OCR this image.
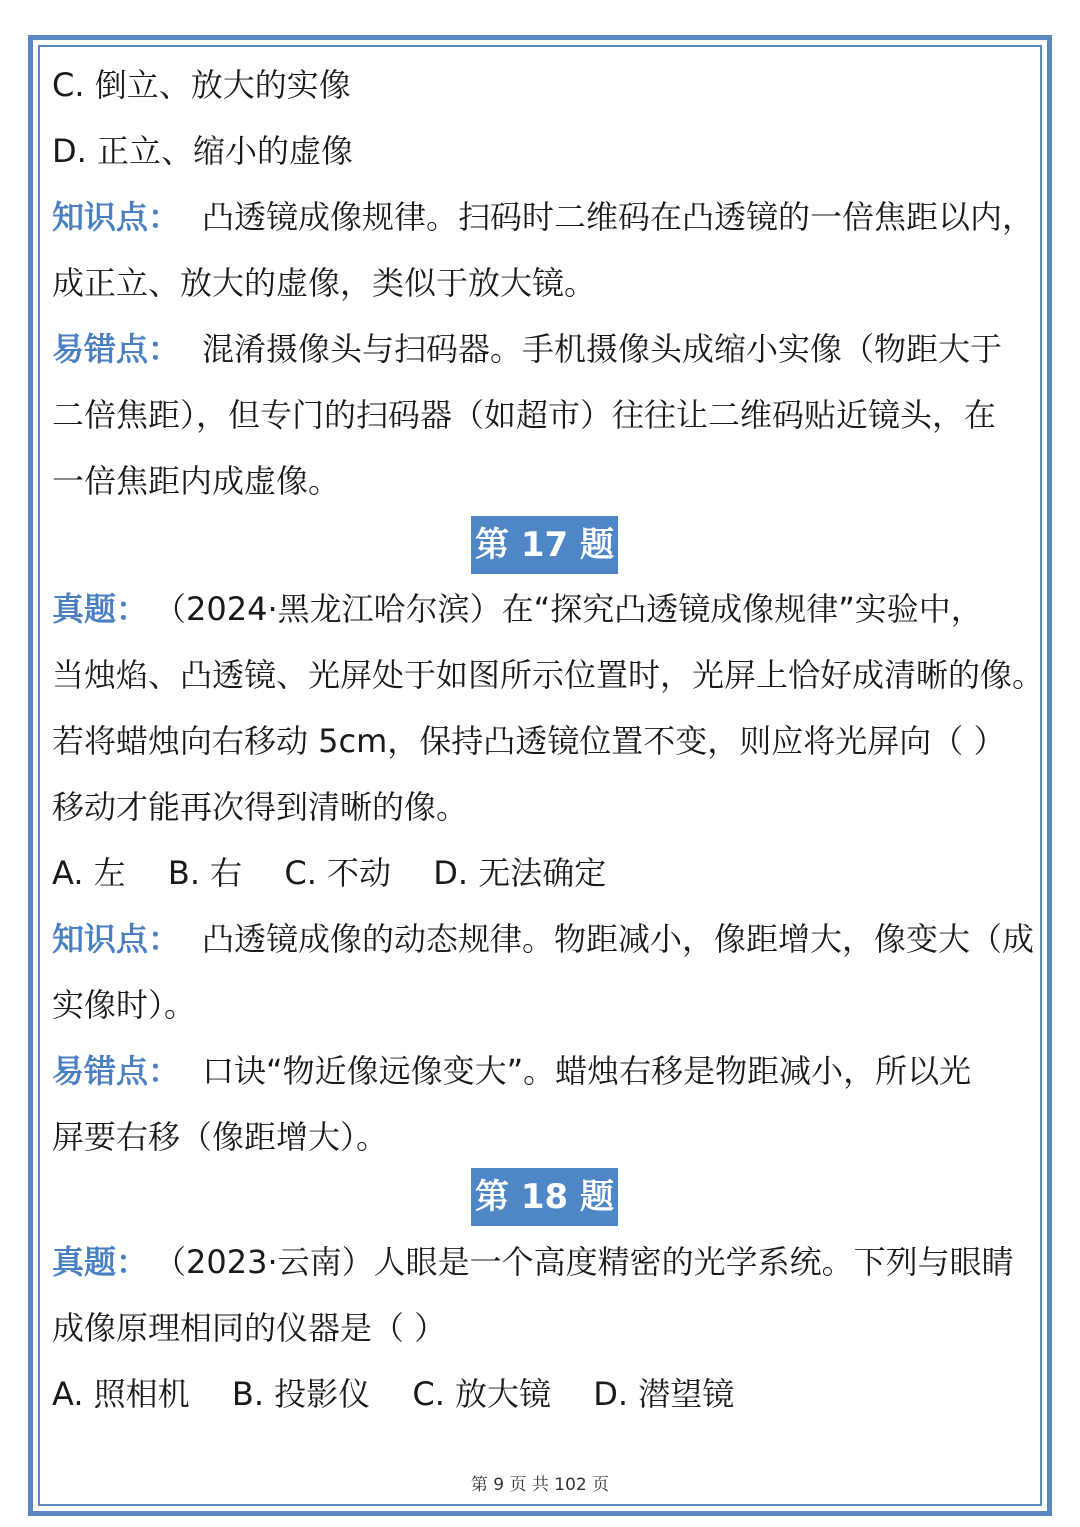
C. 倒立、放大的实像
D. 正立、缩小的虚像
知识点： 凸透镜成像规律。扫码时二维码在凸透镜的一倍焦距以内，
成正立、放大的虚像，类似于放大镜。
易错点： 混淆摄像头与扫码器。手机摄像头成缩小实像（物距大于
二倍焦距），但专门的扫码器（如超市）往往让二维码贴近镜头，在
一倍焦距内成虚像。
第 17 题
真题： （2024·黑龙江哈尔滨）在“探究凸透镜成像规律”实验中，
当烛焰、凸透镜、光屏处于如图所示位置时，光屏上恰好成清晰的像。
若将蜡烛向右移动 5cm，保持凸透镜位置不变，则应将光屏向（ ）
移动才能再次得到清晰的像。
A. 左 B. 右 C. 不动 D. 无法确定
知识点： 凸透镜成像的动态规律。物距减小，像距增大，像变大（成
实像时）。
易错点： 口诀“物近像远像变大”。蜡烛右移是物距减小，所以光
屏要右移（像距增大）。
第 18 题
真题： （2023·云南）人眼是一个高度精密的光学系统。下列与眼睛
成像原理相同的仪器是（ ）
A. 照相机 B. 投影仪 C. 放大镜 D. 潜望镜
第 9 页 共 102 页
